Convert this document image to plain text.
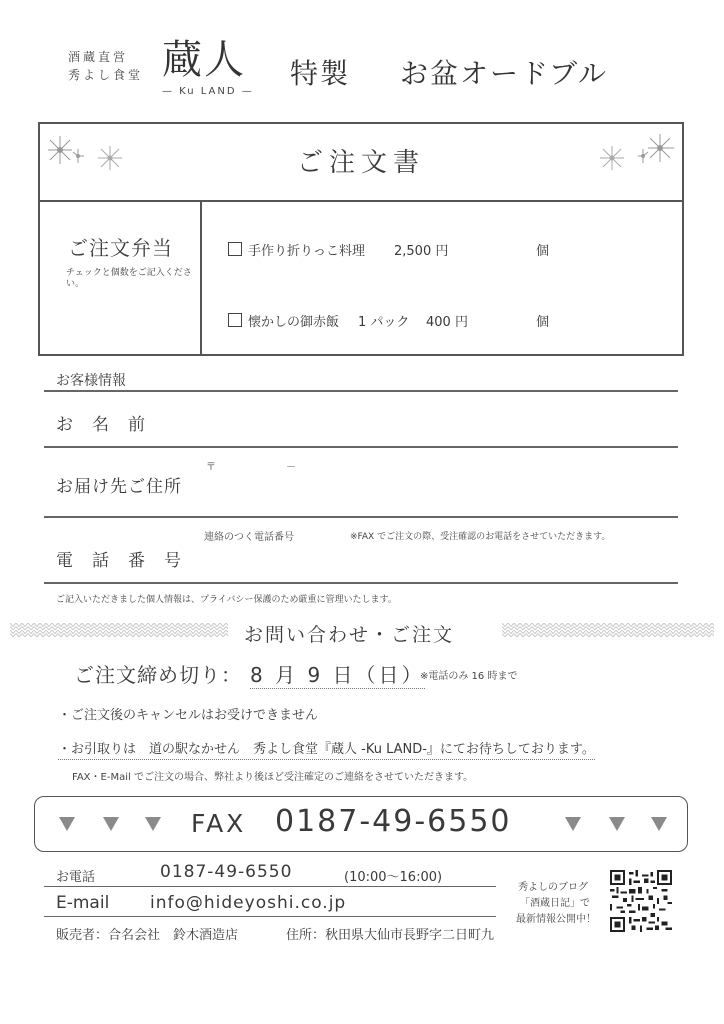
酒蔵直営
秀よし食堂 蔵人
— Ku LAND —
特製 お盆オードブル
ご注文書
ご注文弁当
チェックと個数をご記入ください。
手作り折りっこ料理 2,500 円	個
懐かしの御赤飯 1 パック 400 円	個
お客様情報
お　名　前
〒	－
お届け先ご住所
連絡のつく電話番号	※FAX でご注文の際、受注確認のお電話をさせていただきます。
電　話　番　号
ご記入いただきました個人情報は、プライバシー保護のため厳重に管理いたします。
お問い合わせ・ご注文
ご注文締め切り： 8 月 9 日（日）
※電話のみ 16 時まで
・ご注文後のキャンセルはお受けできません
・お引取りは　道の駅なかせん　秀よし食堂『蔵人 -Ku LAND-』にてお待ちしております。
FAX・E-Mail でご注文の場合、弊社より後ほど受注確定のご連絡をさせていただきます。
FAX 0187-49-6550
お電話	0187-49-6550	(10:00～16:00)
E-mail info@hideyoshi.co.jp
販売者：合名会社　鈴木酒造店	住所：秋田県大仙市長野字二日町九
秀よしのブログ
「酒蔵日記」で
最新情報公開中！
